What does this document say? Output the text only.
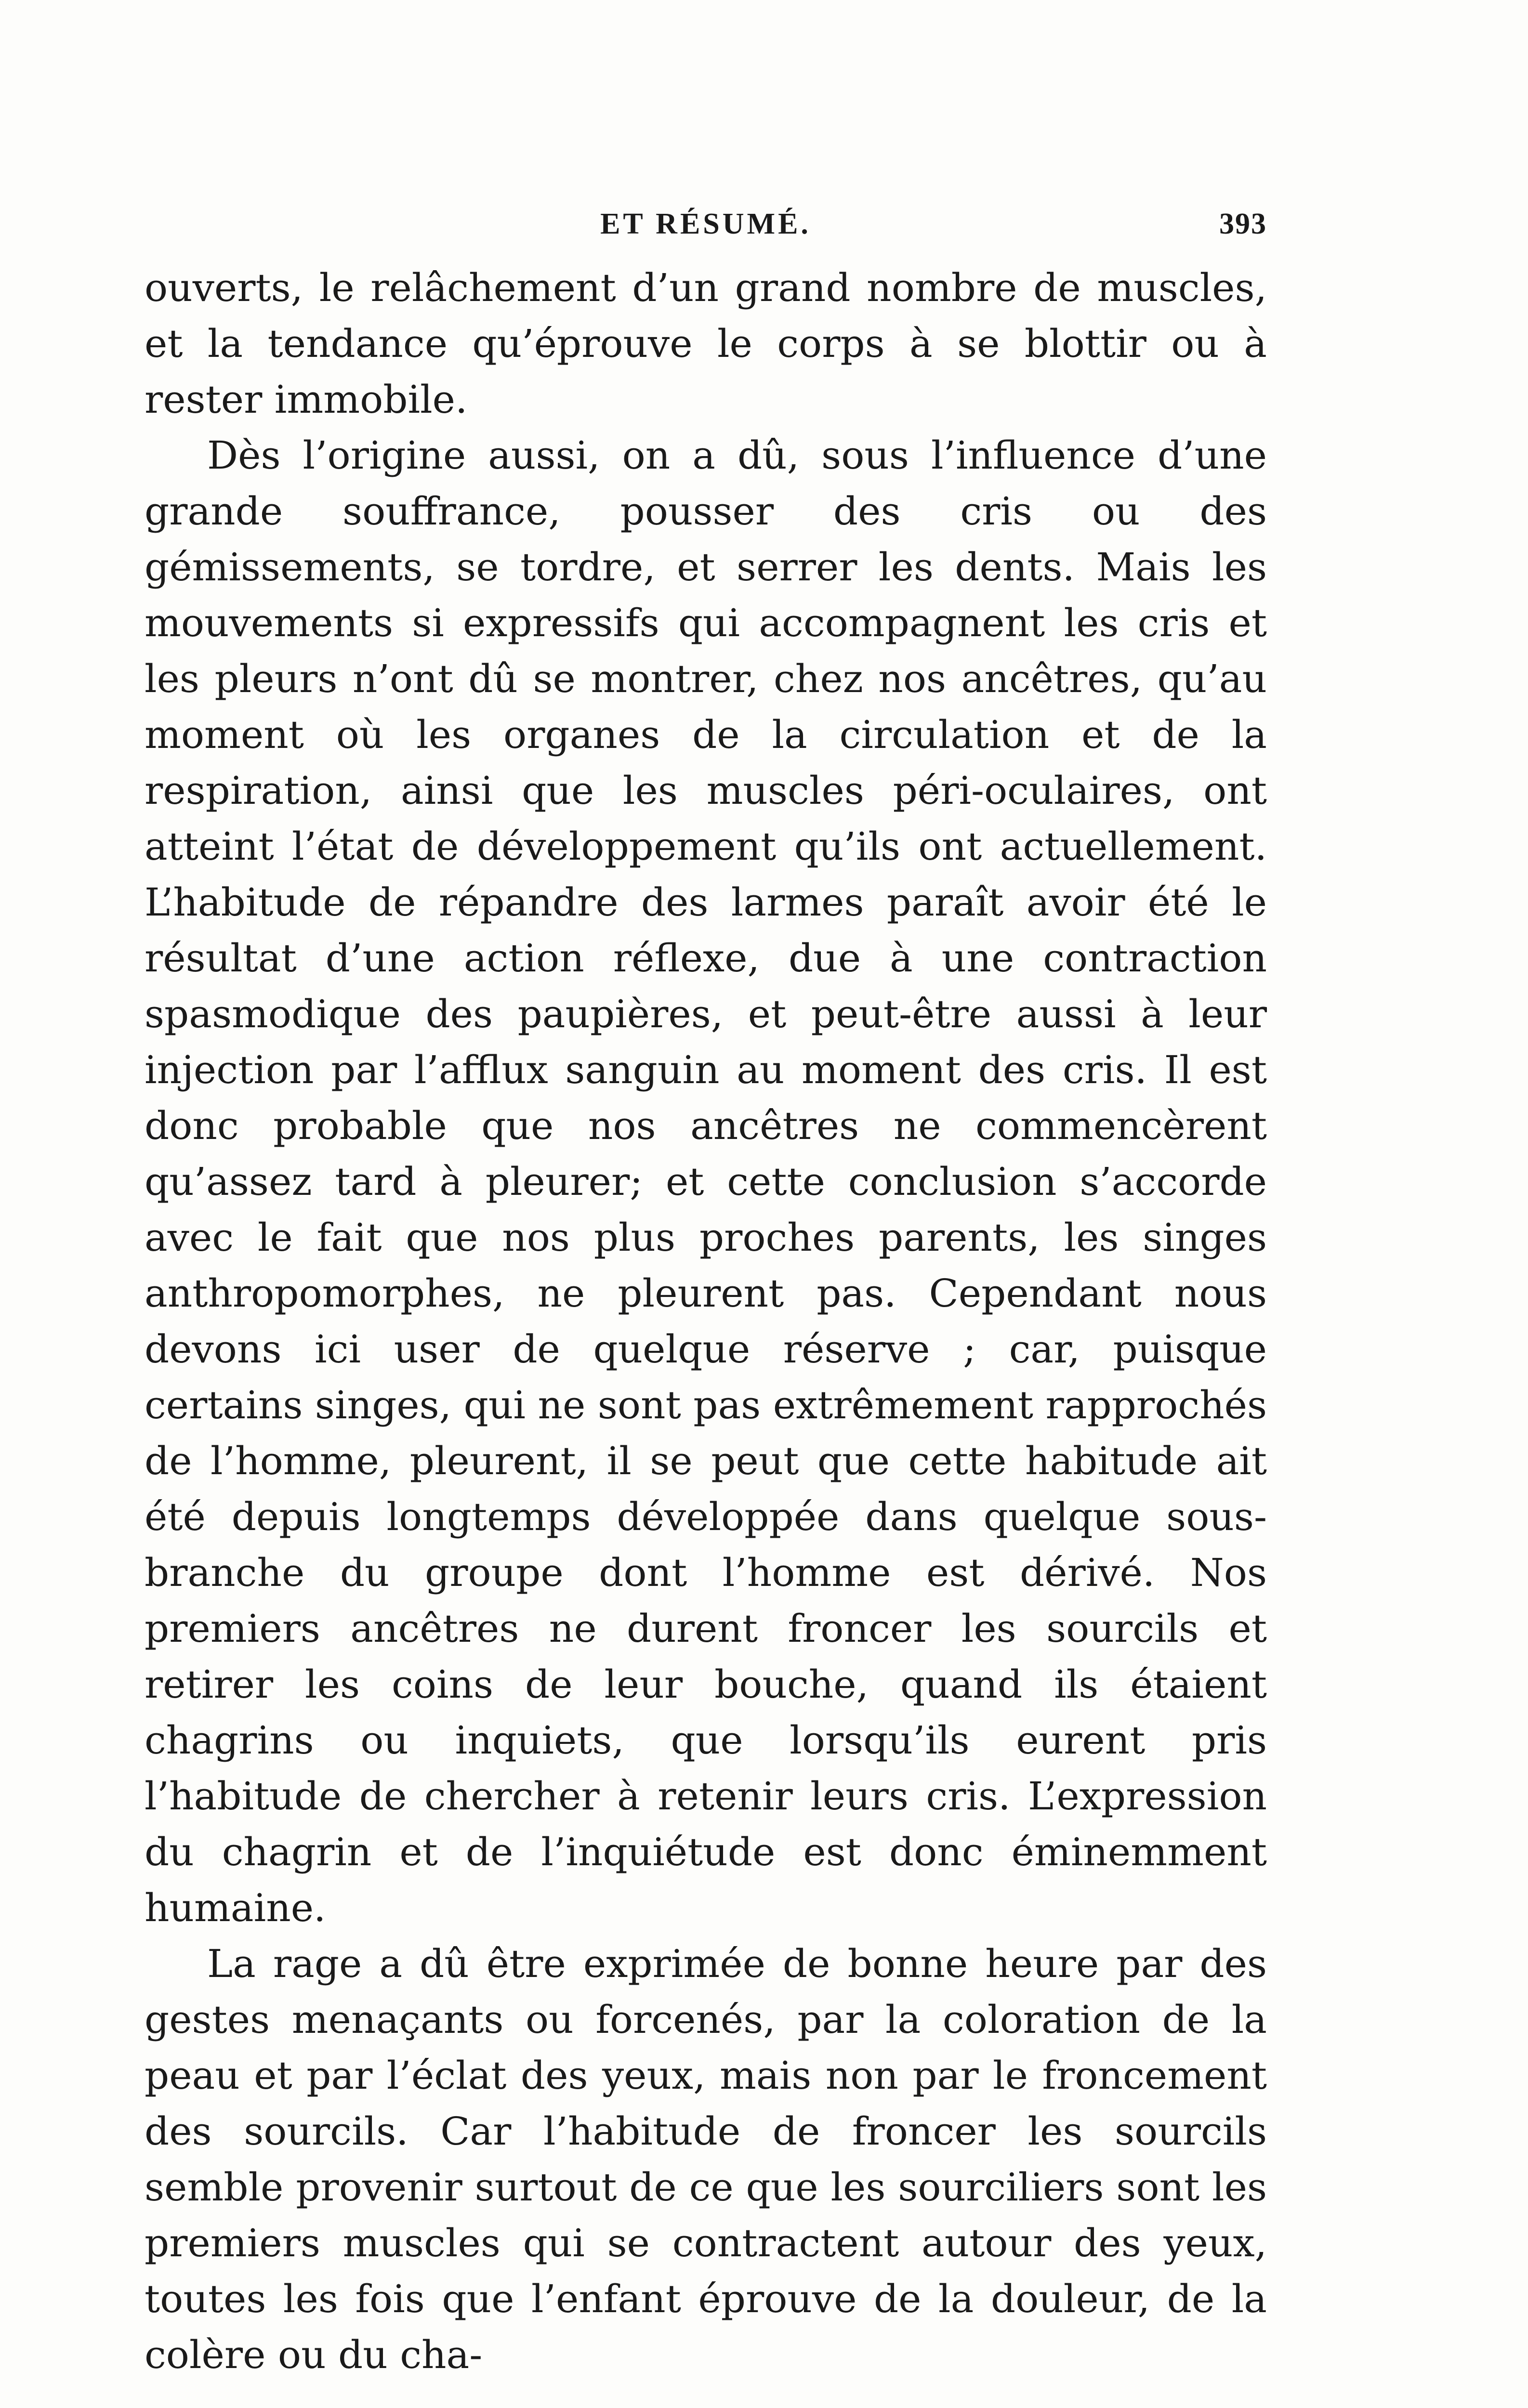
ET RÉSUMÉ.	393

ouverts, le relâchement d’un grand nombre de muscles, et la tendance qu’éprouve le corps à se blottir ou à rester immobile.

Dès l’origine aussi, on a dû, sous l’influence d’une grande souffrance, pousser des cris ou des gémissements, se tordre, et serrer les dents. Mais les mouvements si expressifs qui accompagnent les cris et les pleurs n’ont dû se montrer, chez nos ancêtres, qu’au moment où les organes de la circulation et de la respiration, ainsi que les muscles péri-oculaires, ont atteint l’état de développement qu’ils ont actuellement. L’habitude de répandre des larmes paraît avoir été le résultat d’une action réflexe, due à une contraction spasmodique des paupières, et peut-être aussi à leur injection par l’afflux sanguin au moment des cris. Il est donc probable que nos ancêtres ne commencèrent qu’assez tard à pleurer; et cette conclusion s’accorde avec le fait que nos plus proches parents, les singes anthropomorphes, ne pleurent pas. Cependant nous devons ici user de quelque réserve ; car, puisque certains singes, qui ne sont pas extrêmement rapprochés de l’homme, pleurent, il se peut que cette habitude ait été depuis longtemps développée dans quelque sous-branche du groupe dont l’homme est dérivé. Nos premiers ancêtres ne durent froncer les sourcils et retirer les coins de leur bouche, quand ils étaient chagrins ou inquiets, que lorsqu’ils eurent pris l’habitude de chercher à retenir leurs cris. L’expression du chagrin et de l’inquiétude est donc éminemment humaine.

La rage a dû être exprimée de bonne heure par des gestes menaçants ou forcenés, par la coloration de la peau et par l’éclat des yeux, mais non par le froncement des sourcils. Car l’habitude de froncer les sourcils semble provenir surtout de ce que les sourciliers sont les premiers muscles qui se contractent autour des yeux, toutes les fois que l’enfant éprouve de la douleur, de la colère ou du cha-
